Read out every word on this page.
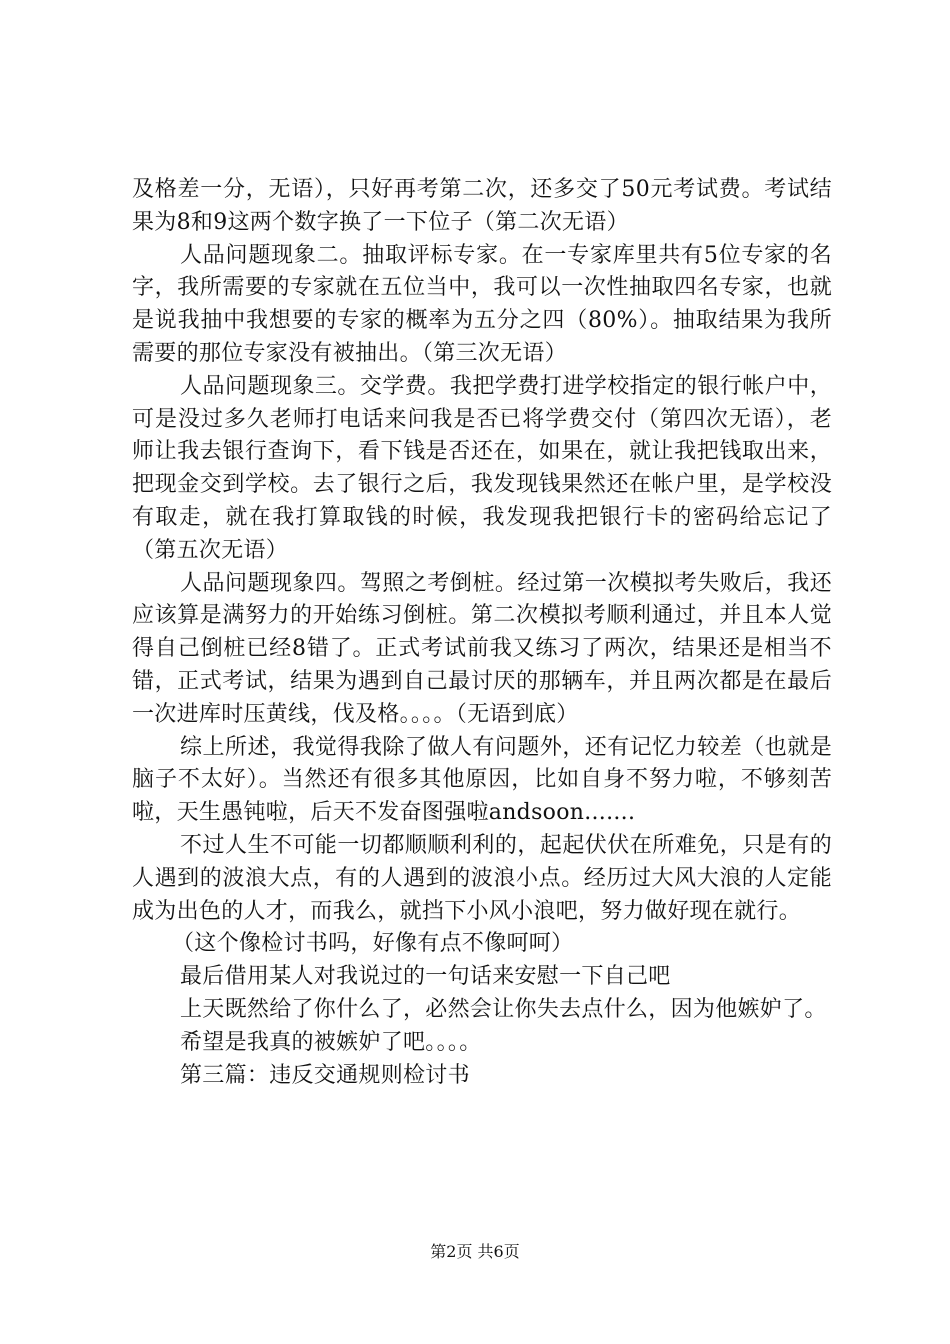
及格差一分，无语），只好再考第二次，还多交了50元考试费。考试结果为8和9这两个数字换了一下位子（第二次无语）

人品问题现象二。抽取评标专家。在一专家库里共有5位专家的名字，我所需要的专家就在五位当中，我可以一次性抽取四名专家，也就是说我抽中我想要的专家的概率为五分之四（80%）。抽取结果为我所需要的那位专家没有被抽出。（第三次无语）

人品问题现象三。交学费。我把学费打进学校指定的银行帐户中，可是没过多久老师打电话来问我是否已将学费交付（第四次无语），老师让我去银行查询下，看下钱是否还在，如果在，就让我把钱取出来，把现金交到学校。去了银行之后，我发现钱果然还在帐户里，是学校没有取走，就在我打算取钱的时候，我发现我把银行卡的密码给忘记了（第五次无语）

人品问题现象四。驾照之考倒桩。经过第一次模拟考失败后，我还应该算是满努力的开始练习倒桩。第二次模拟考顺利通过，并且本人觉得自己倒桩已经8错了。正式考试前我又练习了两次，结果还是相当不错，正式考试，结果为遇到自己最讨厌的那辆车，并且两次都是在最后一次进库时压黄线，伐及格。。。。（无语到底）

综上所述，我觉得我除了做人有问题外，还有记忆力较差（也就是脑子不太好）。当然还有很多其他原因，比如自身不努力啦，不够刻苦啦，天生愚钝啦，后天不发奋图强啦andsoon.......

不过人生不可能一切都顺顺利利的，起起伏伏在所难免，只是有的人遇到的波浪大点，有的人遇到的波浪小点。经历过大风大浪的人定能成为出色的人才，而我么，就挡下小风小浪吧，努力做好现在就行。

（这个像检讨书吗，好像有点不像呵呵）

最后借用某人对我说过的一句话来安慰一下自己吧

上天既然给了你什么了，必然会让你失去点什么，因为他嫉妒了。

希望是我真的被嫉妒了吧。。。。

第三篇：违反交通规则检讨书

第2页 共6页
